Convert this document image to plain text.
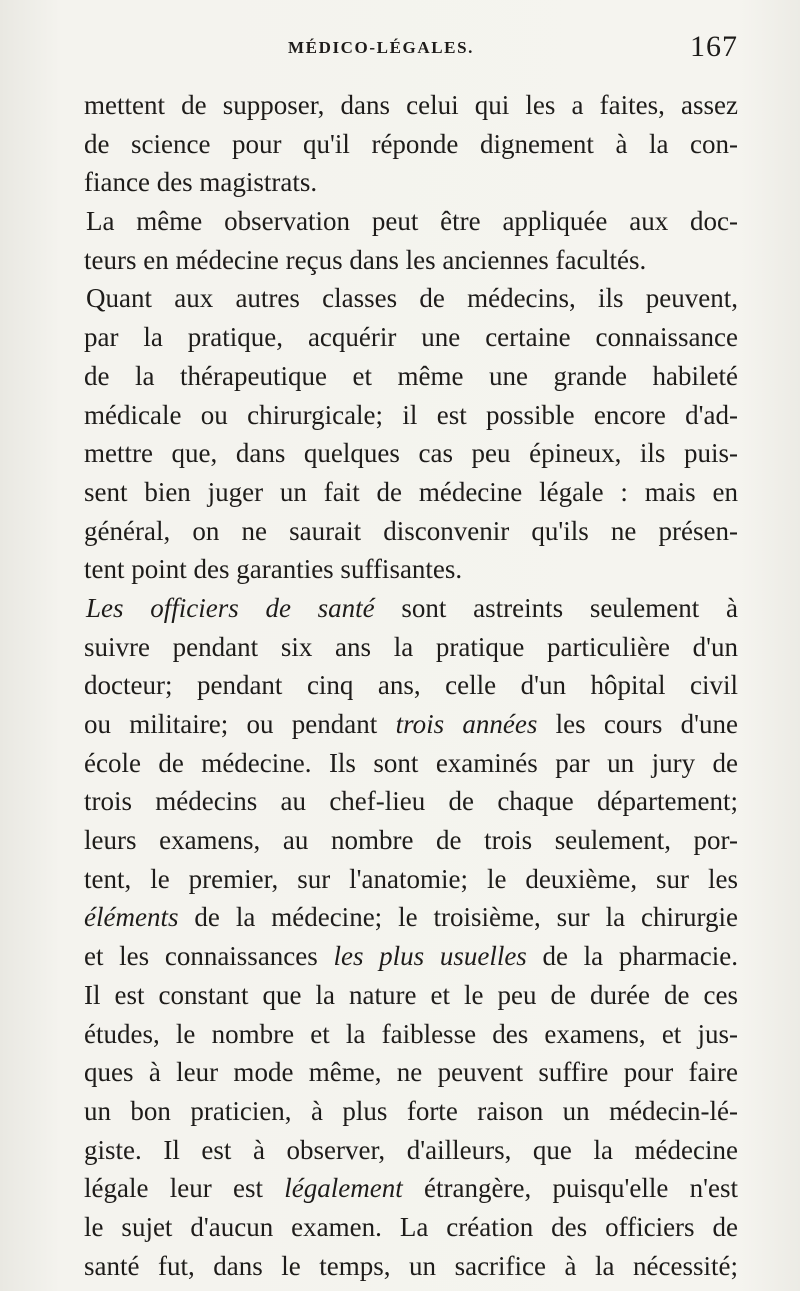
MÉDICO-LÉGALES.	167
mettent de supposer, dans celui qui les a faites, assez
de science pour qu'il réponde dignement à la con-
fiance des magistrats.
La même observation peut être appliquée aux doc-
teurs en médecine reçus dans les anciennes facultés.
Quant aux autres classes de médecins, ils peuvent,
par la pratique, acquérir une certaine connaissance
de la thérapeutique et même une grande habileté
médicale ou chirurgicale; il est possible encore d'ad-
mettre que, dans quelques cas peu épineux, ils puis-
sent bien juger un fait de médecine légale : mais en
général, on ne saurait disconvenir qu'ils ne présen-
tent point des garanties suffisantes.
Les officiers de santé sont astreints seulement à
suivre pendant six ans la pratique particulière d'un
docteur; pendant cinq ans, celle d'un hôpital civil
ou militaire; ou pendant trois années les cours d'une
école de médecine. Ils sont examinés par un jury de
trois médecins au chef-lieu de chaque département;
leurs examens, au nombre de trois seulement, por-
tent, le premier, sur l'anatomie; le deuxième, sur les
éléments de la médecine; le troisième, sur la chirurgie
et les connaissances les plus usuelles de la pharmacie.
Il est constant que la nature et le peu de durée de ces
études, le nombre et la faiblesse des examens, et jus-
ques à leur mode même, ne peuvent suffire pour faire
un bon praticien, à plus forte raison un médecin-lé-
giste. Il est à observer, d'ailleurs, que la médecine
légale leur est légalement étrangère, puisqu'elle n'est
le sujet d'aucun examen. La création des officiers de
santé fut, dans le temps, un sacrifice à la nécessité;
